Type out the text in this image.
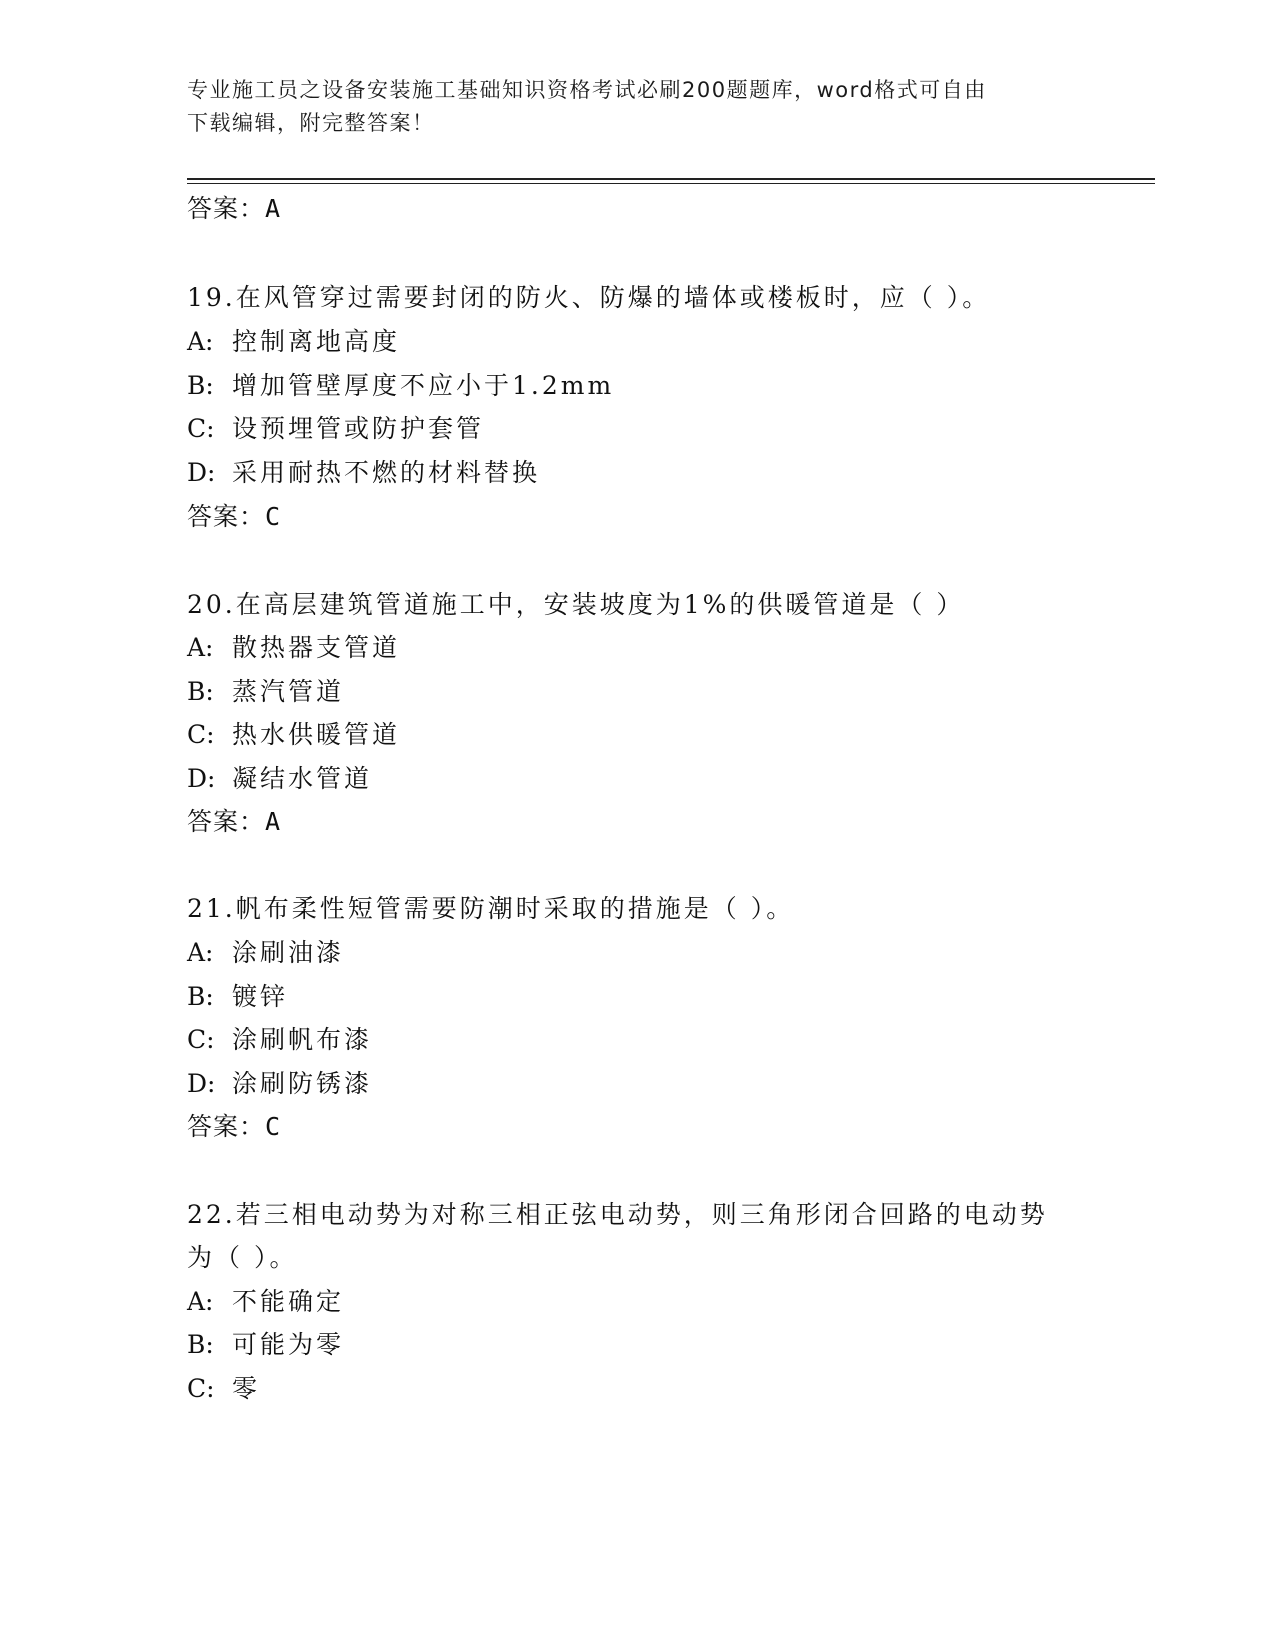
专业施工员之设备安装施工基础知识资格考试必刷200题题库，word格式可自由
下载编辑，附完整答案！
答案：A
19.在风管穿过需要封闭的防火、防爆的墙体或楼板时，应（ ）。
A: 控制离地高度
B: 增加管壁厚度不应小于1.2mm
C: 设预埋管或防护套管
D: 采用耐热不燃的材料替换
答案：C
20.在高层建筑管道施工中，安装坡度为1%的供暖管道是（ ）
A: 散热器支管道
B: 蒸汽管道
C: 热水供暖管道
D: 凝结水管道
答案：A
21.帆布柔性短管需要防潮时采取的措施是（ ）。
A: 涂刷油漆
B: 镀锌
C: 涂刷帆布漆
D: 涂刷防锈漆
答案：C
22.若三相电动势为对称三相正弦电动势，则三角形闭合回路的电动势
为（ ）。
A: 不能确定
B: 可能为零
C: 零
